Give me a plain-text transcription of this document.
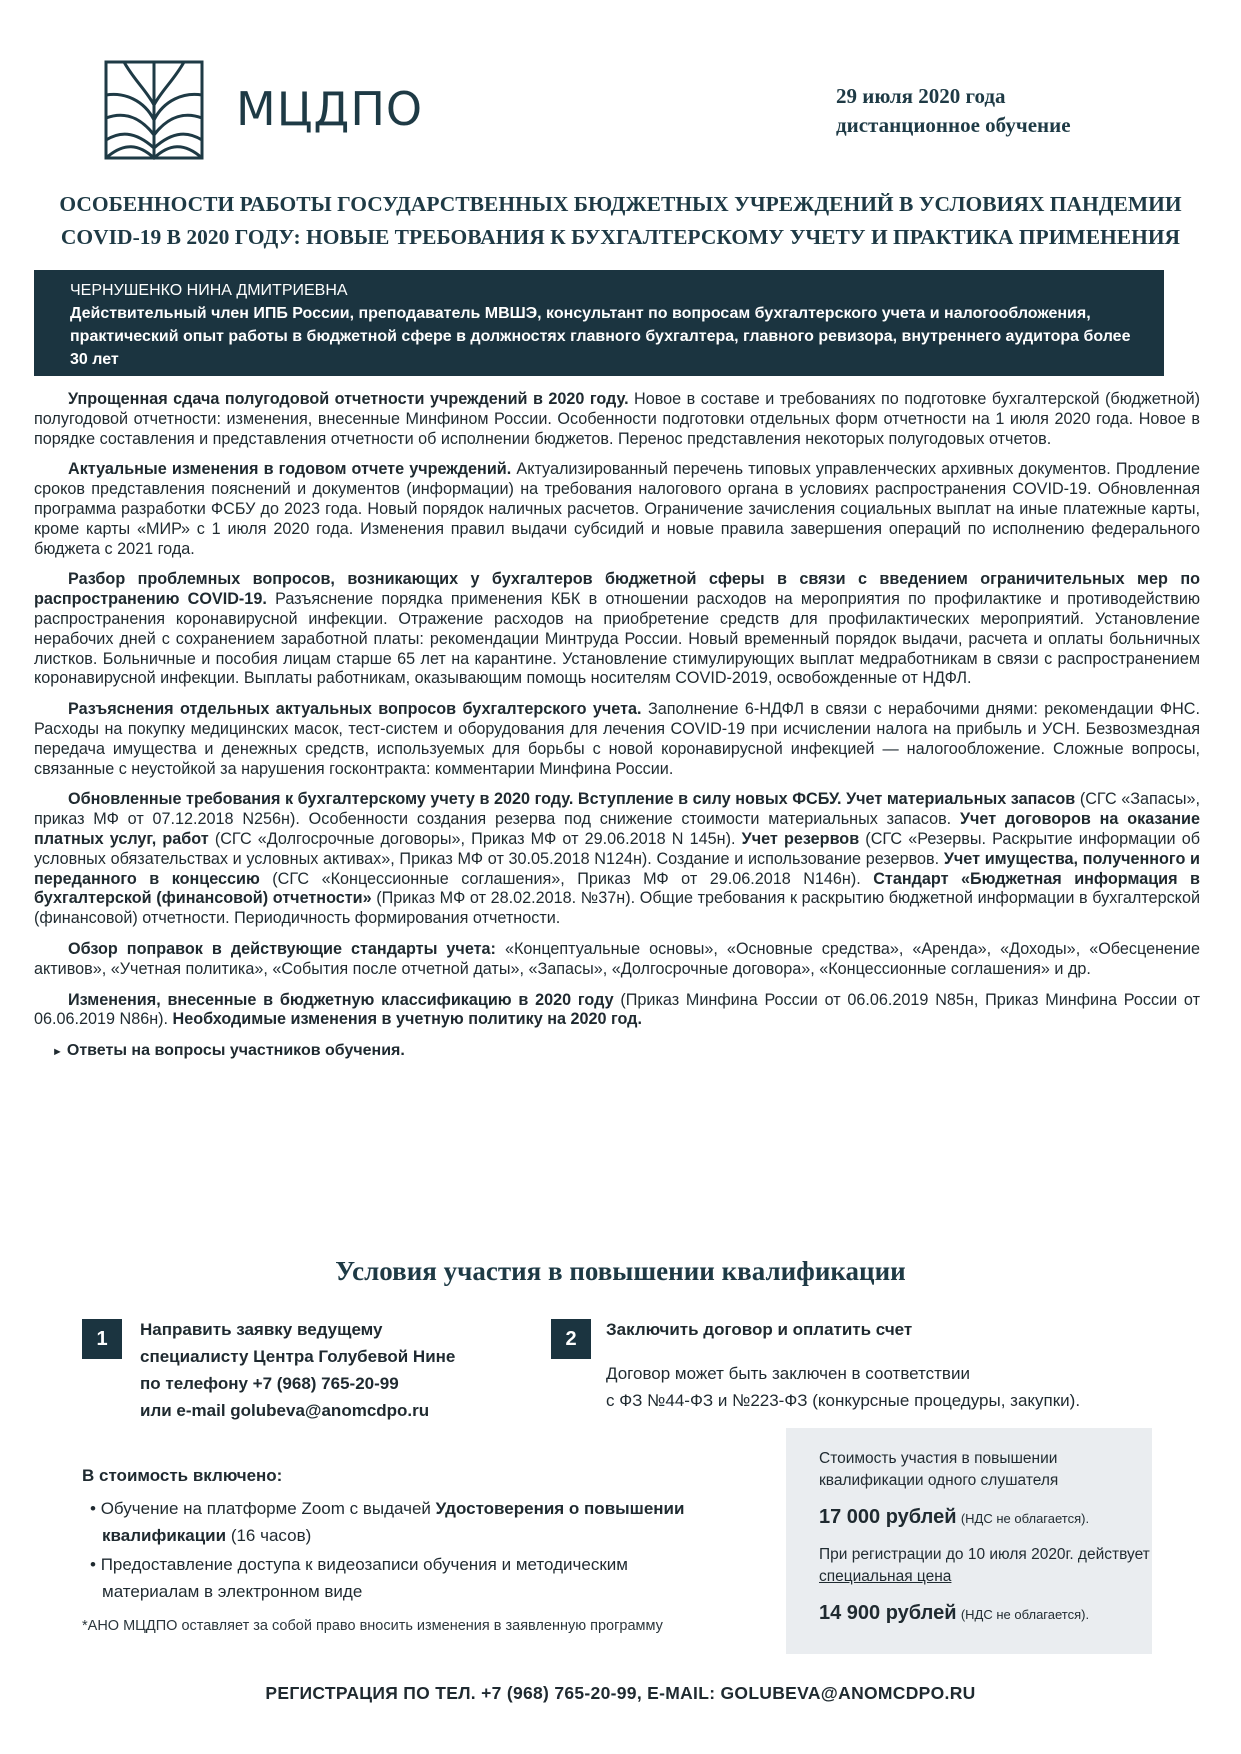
МЦДПО	29 июля 2020 года
дистанционное обучение
ОСОБЕННОСТИ РАБОТЫ ГОСУДАРСТВЕННЫХ БЮДЖЕТНЫХ УЧРЕЖДЕНИЙ В УСЛОВИЯХ ПАНДЕМИИ
COVID-19 В 2020 ГОДУ: НОВЫЕ ТРЕБОВАНИЯ К БУХГАЛТЕРСКОМУ УЧЕТУ И ПРАКТИКА ПРИМЕНЕНИЯ

ЧЕРНУШЕНКО НИНА ДМИТРИЕВНА

Действительный член ИПБ России, преподаватель МВШЭ, консультант по вопросам бухгалтерского учета и налогообложения, практический опыт работы в бюджетной сфере в должностях главного бухгалтера, главного ревизора, внутреннего аудитора более 30 лет

Упрощенная сдача полугодовой отчетности учреждений в 2020 году. Новое в составе и требованиях по подготовке бухгалтерской (бюджетной) полугодовой отчетности: изменения, внесенные Минфином России. Особенности подготовки отдельных форм отчетности на 1 июля 2020 года. Новое в порядке составления и представления отчетности об исполнении бюджетов. Перенос представления некоторых полугодовых отчетов.

Актуальные изменения в годовом отчете учреждений. Актуализированный перечень типовых управленческих архивных документов. Продление сроков представления пояснений и документов (информации) на требования налогового органа в условиях распространения COVID-19. Обновленная программа разработки ФСБУ до 2023 года. Новый порядок наличных расчетов. Ограничение зачисления социальных выплат на иные платежные карты, кроме карты «МИР» с 1 июля 2020 года. Изменения правил выдачи субсидий и новые правила завершения операций по исполнению федерального бюджета с 2021 года.

Разбор проблемных вопросов, возникающих у бухгалтеров бюджетной сферы в связи с введением ограничительных мер по распространению COVID-19. Разъяснение порядка применения КБК в отношении расходов на мероприятия по профилактике и противодействию распространения коронавирусной инфекции. Отражение расходов на приобретение средств для профилактических мероприятий. Установление нерабочих дней с сохранением заработной платы: рекомендации Минтруда России. Новый временный порядок выдачи, расчета и оплаты больничных листков. Больничные и пособия лицам старше 65 лет на карантине. Установление стимулирующих выплат медработникам в связи с распространением коронавирусной инфекции. Выплаты работникам, оказывающим помощь носителям COVID-2019, освобожденные от НДФЛ.

Разъяснения отдельных актуальных вопросов бухгалтерского учета. Заполнение 6-НДФЛ в связи с нерабочими днями: рекомендации ФНС. Расходы на покупку медицинских масок, тест-систем и оборудования для лечения COVID-19 при исчислении налога на прибыль и УСН. Безвозмездная передача имущества и денежных средств, используемых для борьбы с новой коронавирусной инфекцией — налогообложение. Сложные вопросы, связанные с неустойкой за нарушения госконтракта: комментарии Минфина России.

Обновленные требования к бухгалтерскому учету в 2020 году. Вступление в силу новых ФСБУ. Учет материальных запасов (СГС «Запасы», приказ МФ от 07.12.2018 N256н). Особенности создания резерва под снижение стоимости материальных запасов. Учет договоров на оказание платных услуг, работ (СГС «Долгосрочные договоры», Приказ МФ от 29.06.2018 N 145н). Учет резервов (СГС «Резервы. Раскрытие информации об условных обязательствах и условных активах», Приказ МФ от 30.05.2018 N124н). Создание и использование резервов. Учет имущества, полученного и переданного в концессию (СГС «Концессионные соглашения», Приказ МФ от 29.06.2018 N146н). Стандарт «Бюджетная информация в бухгалтерской (финансовой) отчетности» (Приказ МФ от 28.02.2018. №37н). Общие требования к раскрытию бюджетной информации в бухгалтерской (финансовой) отчетности. Периодичность формирования отчетности.

Обзор поправок в действующие стандарты учета: «Концептуальные основы», «Основные средства», «Аренда», «Доходы», «Обесценение активов», «Учетная политика», «События после отчетной даты», «Запасы», «Долгосрочные договора», «Концессионные соглашения» и др.

Изменения, внесенные в бюджетную классификацию в 2020 году (Приказ Минфина России от 06.06.2019 N85н, Приказ Минфина России от 06.06.2019 N86н). Необходимые изменения в учетную политику на 2020 год.

► Ответы на вопросы участников обучения.
Условия участия в повышении квалификации
1	Направить заявку ведущему
специалисту Центра Голубевой Нине
по телефону +7 (968) 765-20-99
или e-mail golubeva@anomcdpo.ru
2	Заключить договор и оплатить счет
Договор может быть заключен в соответствии
с ФЗ №44-ФЗ и №223-ФЗ (конкурсные процедуры, закупки).
В стоимость включено:
• Обучение на платформе Zoom с выдачей Удостоверения о повышении квалификации (16 часов)
• Предоставление доступа к видеозаписи обучения и методическим материалам в электронном виде
*АНО МЦДПО оставляет за собой право вносить изменения в заявленную программу
Стоимость участия в повышении квалификации одного слушателя
17 000 рублей (НДС не облагается).
При регистрации до 10 июля 2020г. действует специальная цена
14 900 рублей (НДС не облагается).
РЕГИСТРАЦИЯ ПО ТЕЛ. +7 (968) 765-20-99, E-MAIL: GOLUBEVA@ANOMCDPO.RU
